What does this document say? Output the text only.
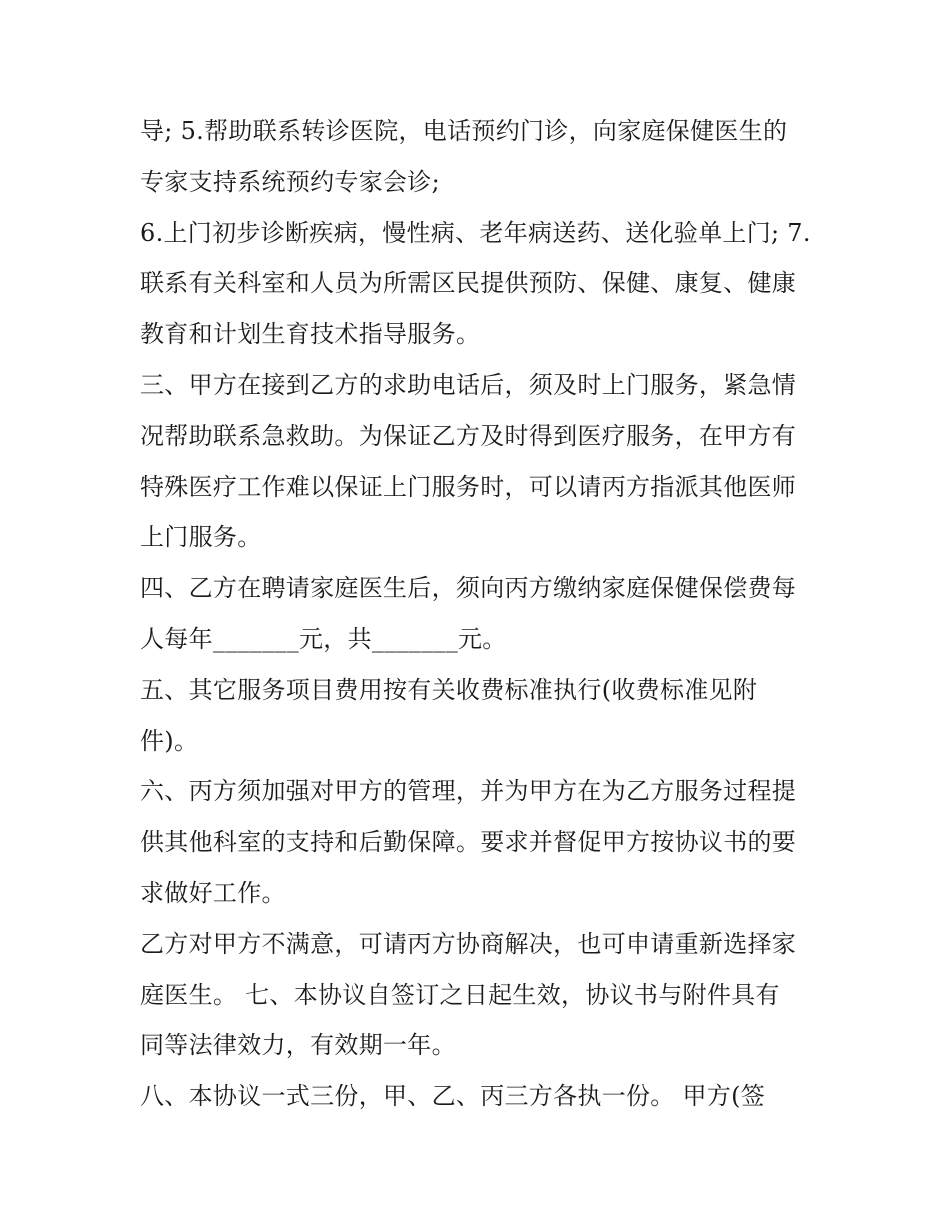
导; 5.帮助联系转诊医院，电话预约门诊，向家庭保健医生的
专家支持系统预约专家会诊;
6.上门初步诊断疾病，慢性病、老年病送药、送化验单上门; 7.
联系有关科室和人员为所需区民提供预防、保健、康复、健康
教育和计划生育技术指导服务。
三、甲方在接到乙方的求助电话后，须及时上门服务，紧急情
况帮助联系急救助。为保证乙方及时得到医疗服务，在甲方有
特殊医疗工作难以保证上门服务时，可以请丙方指派其他医师
上门服务。
四、乙方在聘请家庭医生后，须向丙方缴纳家庭保健保偿费每
人每年_______元，共_______元。
五、其它服务项目费用按有关收费标准执行(收费标准见附
件)。
六、丙方须加强对甲方的管理，并为甲方在为乙方服务过程提
供其他科室的支持和后勤保障。要求并督促甲方按协议书的要
求做好工作。
乙方对甲方不满意，可请丙方协商解决，也可申请重新选择家
庭医生。 七、本协议自签订之日起生效，协议书与附件具有
同等法律效力，有效期一年。
八、本协议一式三份，甲、乙、丙三方各执一份。 甲方(签
